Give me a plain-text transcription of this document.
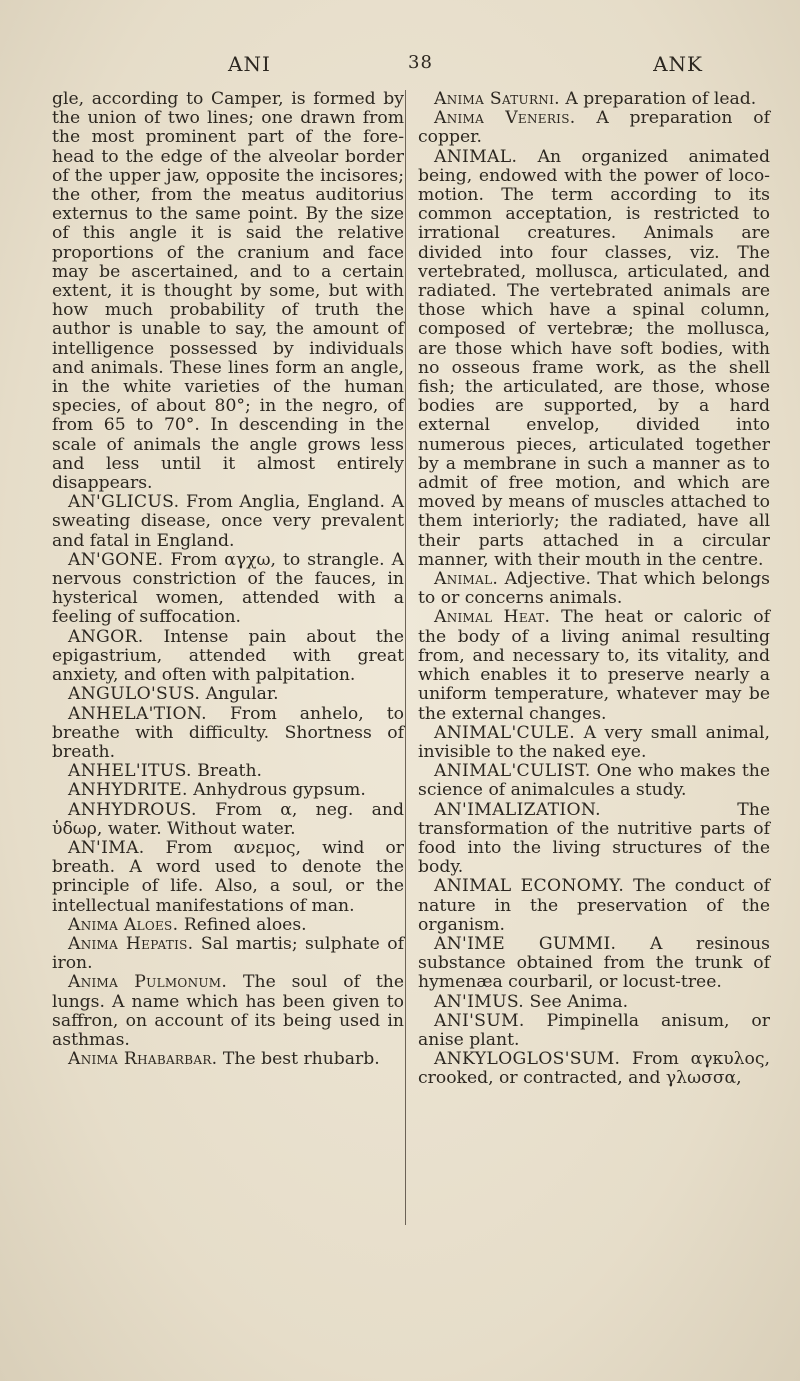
ANI	38	ANK

gle, according to Camper, is formed by the union of two lines; one drawn from the most prominent part of the fore-head to the edge of the alveolar border of the upper jaw, opposite the incisores; the other, from the meatus auditorius externus to the same point. By the size of this angle it is said the relative proportions of the cranium and face may be ascertained, and to a certain extent, it is thought by some, but with how much probability of truth the author is unable to say, the amount of intelligence possessed by individuals and animals. These lines form an angle, in the white varieties of the human species, of about 80°; in the negro, of from 65 to 70°. In descending in the scale of animals the angle grows less and less until it almost entirely disappears.

AN'GLICUS. From Anglia, England. A sweating disease, once very prevalent and fatal in England.

AN'GONE. From αγχω, to strangle. A nervous constriction of the fauces, in hysterical women, attended with a feeling of suffocation.

ANGOR. Intense pain about the epigastrium, attended with great anxiety, and often with palpitation.

ANGULO'SUS. Angular.

ANHELA'TION. From anhelo, to breathe with difficulty. Shortness of breath.

ANHEL'ITUS. Breath.

ANHYDRITE. Anhydrous gypsum.

ANHYDROUS. From α, neg. and ὑδωρ, water. Without water.

AN'IMA. From ανεμος, wind or breath. A word used to denote the principle of life. Also, a soul, or the intellectual manifestations of man.

Anima Aloes. Refined aloes.

Anima Hepatis. Sal martis; sulphate of iron.

Anima Pulmonum. The soul of the lungs. A name which has been given to saffron, on account of its being used in asthmas.

Anima Rhabarbar. The best rhubarb.

Anima Saturni. A preparation of lead.

Anima Veneris. A preparation of copper.

ANIMAL. An organized animated being, endowed with the power of loco-motion. The term according to its common acceptation, is restricted to irrational creatures. Animals are divided into four classes, viz. The vertebrated, mollusca, articulated, and radiated. The vertebrated animals are those which have a spinal column, composed of vertebræ; the mollusca, are those which have soft bodies, with no osseous frame work, as the shell fish; the articulated, are those, whose bodies are supported, by a hard external envelop, divided into numerous pieces, articulated together by a membrane in such a manner as to admit of free motion, and which are moved by means of muscles attached to them interiorly; the radiated, have all their parts attached in a circular manner, with their mouth in the centre.

Animal. Adjective. That which belongs to or concerns animals.

Animal Heat. The heat or caloric of the body of a living animal resulting from, and necessary to, its vitality, and which enables it to preserve nearly a uniform temperature, whatever may be the external changes.

ANIMAL'CULE. A very small animal, invisible to the naked eye.

ANIMAL'CULIST. One who makes the science of animalcules a study.

AN'IMALIZATION.	The transformation of the nutritive parts of food into the living structures of the body.

ANIMAL ECONOMY. The conduct of nature in the preservation of the organism.

AN'IME GUMMI. A resinous substance obtained from the trunk of hymenæa courbaril, or locust-tree.

AN'IMUS. See Anima.

ANI'SUM. Pimpinella anisum, or anise plant.

ANKYLOGLOS'SUM. From αγκυλος, crooked, or contracted, and γλωσσα,
